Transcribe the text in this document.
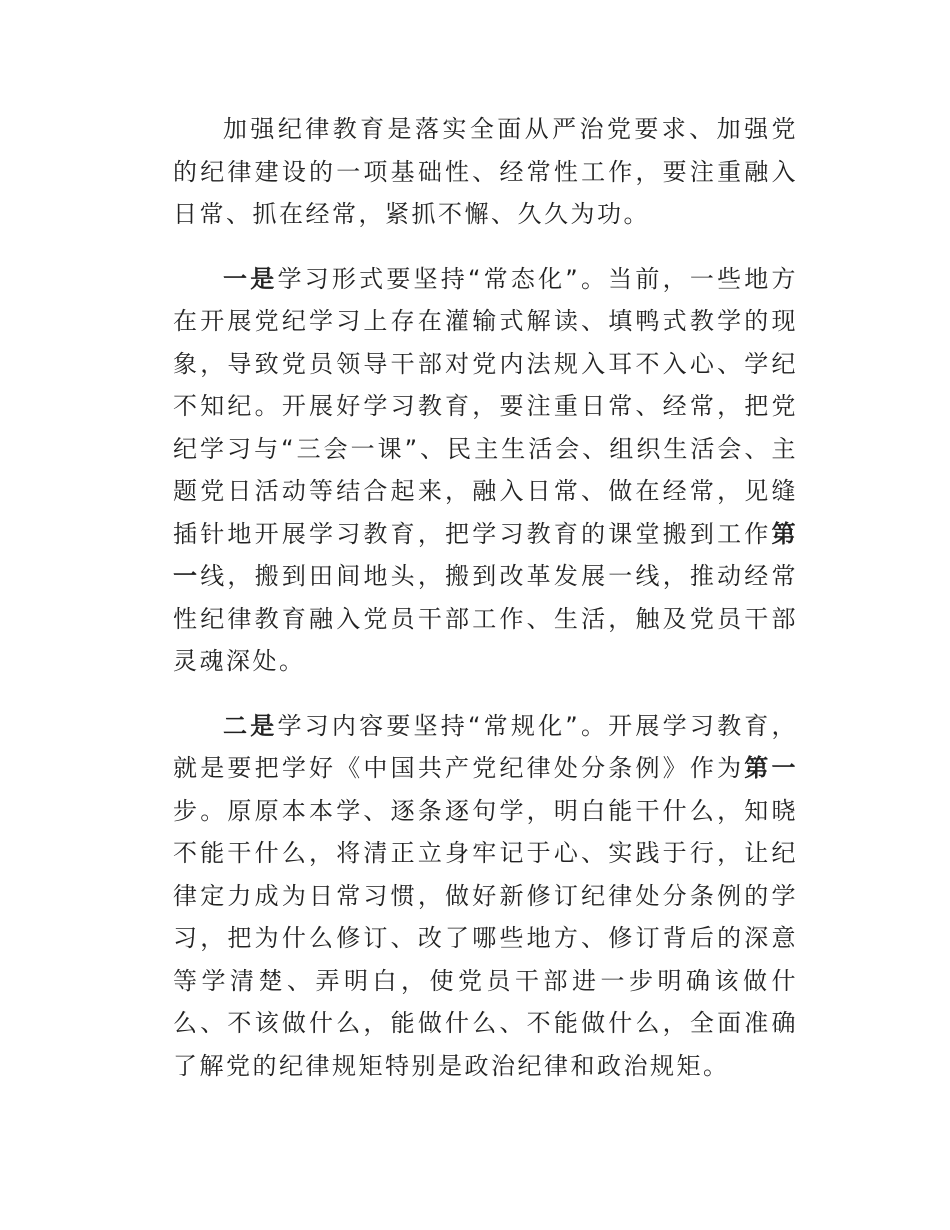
加强纪律教育是落实全面从严治党要求、加强党的纪律建设的一项基础性、经常性工作，要注重融入日常、抓在经常，紧抓不懈、久久为功。

一是学习形式要坚持“常态化”。当前，一些地方在开展党纪学习上存在灌输式解读、填鸭式教学的现象，导致党员领导干部对党内法规入耳不入心、学纪不知纪。开展好学习教育，要注重日常、经常，把党纪学习与“三会一课”、民主生活会、组织生活会、主题党日活动等结合起来，融入日常、做在经常，见缝插针地开展学习教育，把学习教育的课堂搬到工作第一线，搬到田间地头，搬到改革发展一线，推动经常性纪律教育融入党员干部工作、生活，触及党员干部灵魂深处。

二是学习内容要坚持“常规化”。开展学习教育，就是要把学好《中国共产党纪律处分条例》作为第一步。原原本本学、逐条逐句学，明白能干什么，知晓不能干什么，将清正立身牢记于心、实践于行，让纪律定力成为日常习惯，做好新修订纪律处分条例的学习，把为什么修订、改了哪些地方、修订背后的深意等学清楚、弄明白，使党员干部进一步明确该做什么、不该做什么，能做什么、不能做什么，全面准确了解党的纪律规矩特别是政治纪律和政治规矩。
